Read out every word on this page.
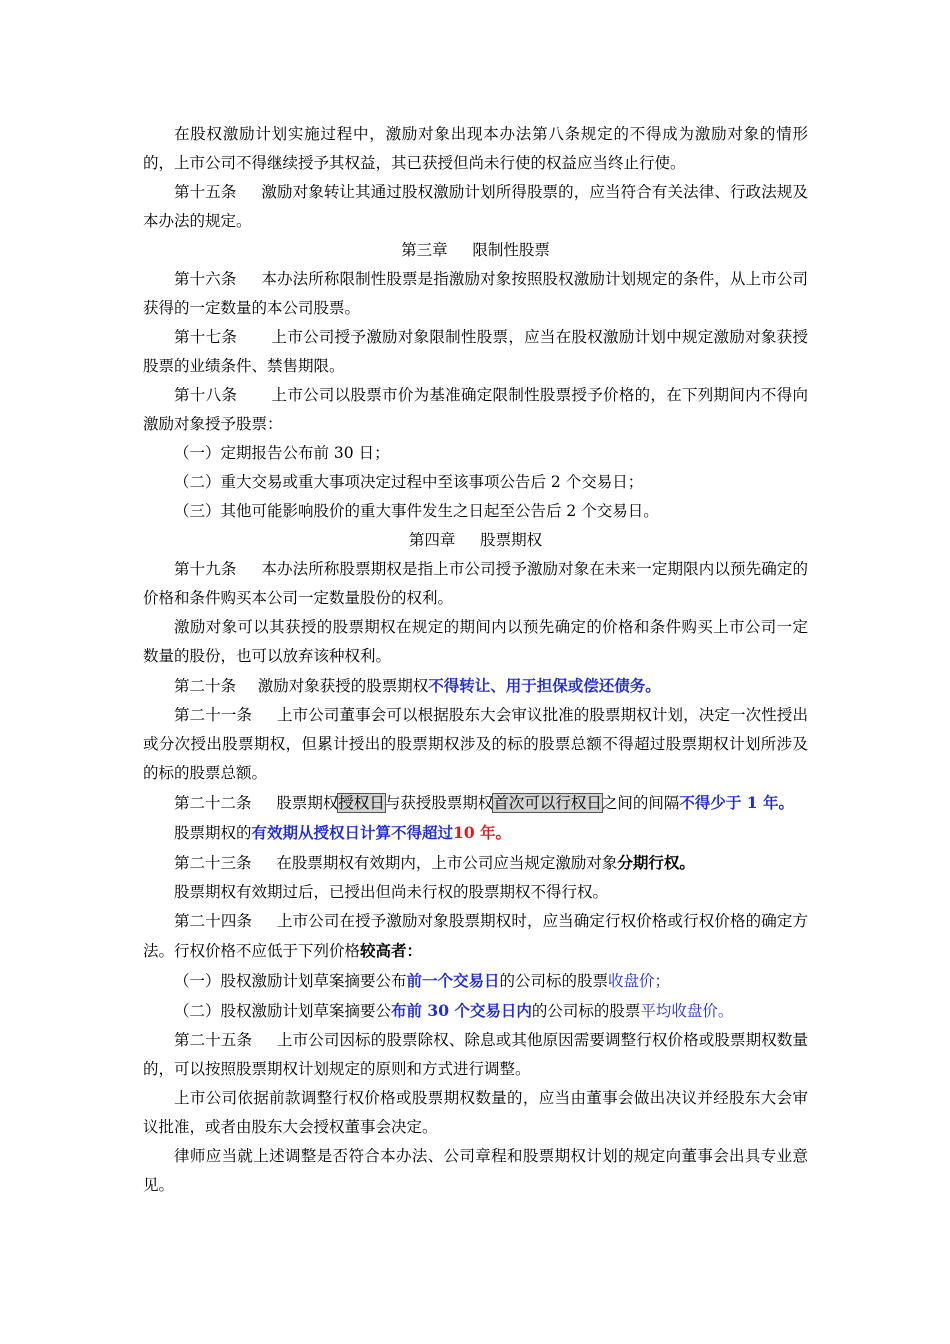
在股权激励计划实施过程中，激励对象出现本办法第八条规定的不得成为激励对象的情形的，上市公司不得继续授予其权益，其已获授但尚未行使的权益应当终止行使。

第十五条 激励对象转让其通过股权激励计划所得股票的，应当符合有关法律、行政法规及本办法的规定。

第三章 限制性股票

第十六条 本办法所称限制性股票是指激励对象按照股权激励计划规定的条件，从上市公司获得的一定数量的本公司股票。

第十七条 上市公司授予激励对象限制性股票，应当在股权激励计划中规定激励对象获授股票的业绩条件、禁售期限。

第十八条 上市公司以股票市价为基准确定限制性股票授予价格的，在下列期间内不得向激励对象授予股票：

（一）定期报告公布前 30 日；

（二）重大交易或重大事项决定过程中至该事项公告后 2 个交易日；

（三）其他可能影响股价的重大事件发生之日起至公告后 2 个交易日。

第四章 股票期权

第十九条 本办法所称股票期权是指上市公司授予激励对象在未来一定期限内以预先确定的价格和条件购买本公司一定数量股份的权利。

激励对象可以其获授的股票期权在规定的期间内以预先确定的价格和条件购买上市公司一定数量的股份，也可以放弃该种权利。

第二十条 激励对象获授的股票期权不得转让、用于担保或偿还债务。

第二十一条 上市公司董事会可以根据股东大会审议批准的股票期权计划，决定一次性授出或分次授出股票期权，但累计授出的股票期权涉及的标的股票总额不得超过股票期权计划所涉及的标的股票总额。

第二十二条 股票期权授权日与获授股票期权首次可以行权日之间的间隔不得少于 1 年。

股票期权的有效期从授权日计算不得超过10 年。

第二十三条 在股票期权有效期内，上市公司应当规定激励对象分期行权。

股票期权有效期过后，已授出但尚未行权的股票期权不得行权。

第二十四条 上市公司在授予激励对象股票期权时，应当确定行权价格或行权价格的确定方法。行权价格不应低于下列价格较高者：

（一）股权激励计划草案摘要公布前一个交易日的公司标的股票收盘价；

（二）股权激励计划草案摘要公布前 30 个交易日内的公司标的股票平均收盘价。

第二十五条 上市公司因标的股票除权、除息或其他原因需要调整行权价格或股票期权数量的，可以按照股票期权计划规定的原则和方式进行调整。

上市公司依据前款调整行权价格或股票期权数量的，应当由董事会做出决议并经股东大会审议批准，或者由股东大会授权董事会决定。

律师应当就上述调整是否符合本办法、公司章程和股票期权计划的规定向董事会出具专业意见。
